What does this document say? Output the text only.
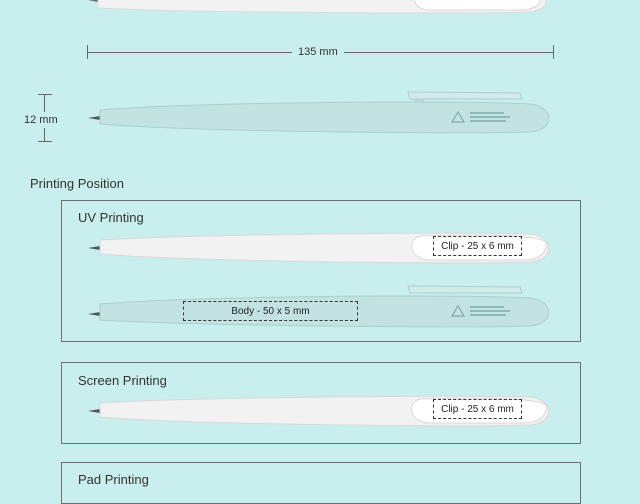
135 mm
12 mm
Printing Position
UV Printing
Clip - 25 x 6 mm
Body - 50 x 5 mm
Screen Printing
Clip - 25 x 6 mm
Pad Printing
